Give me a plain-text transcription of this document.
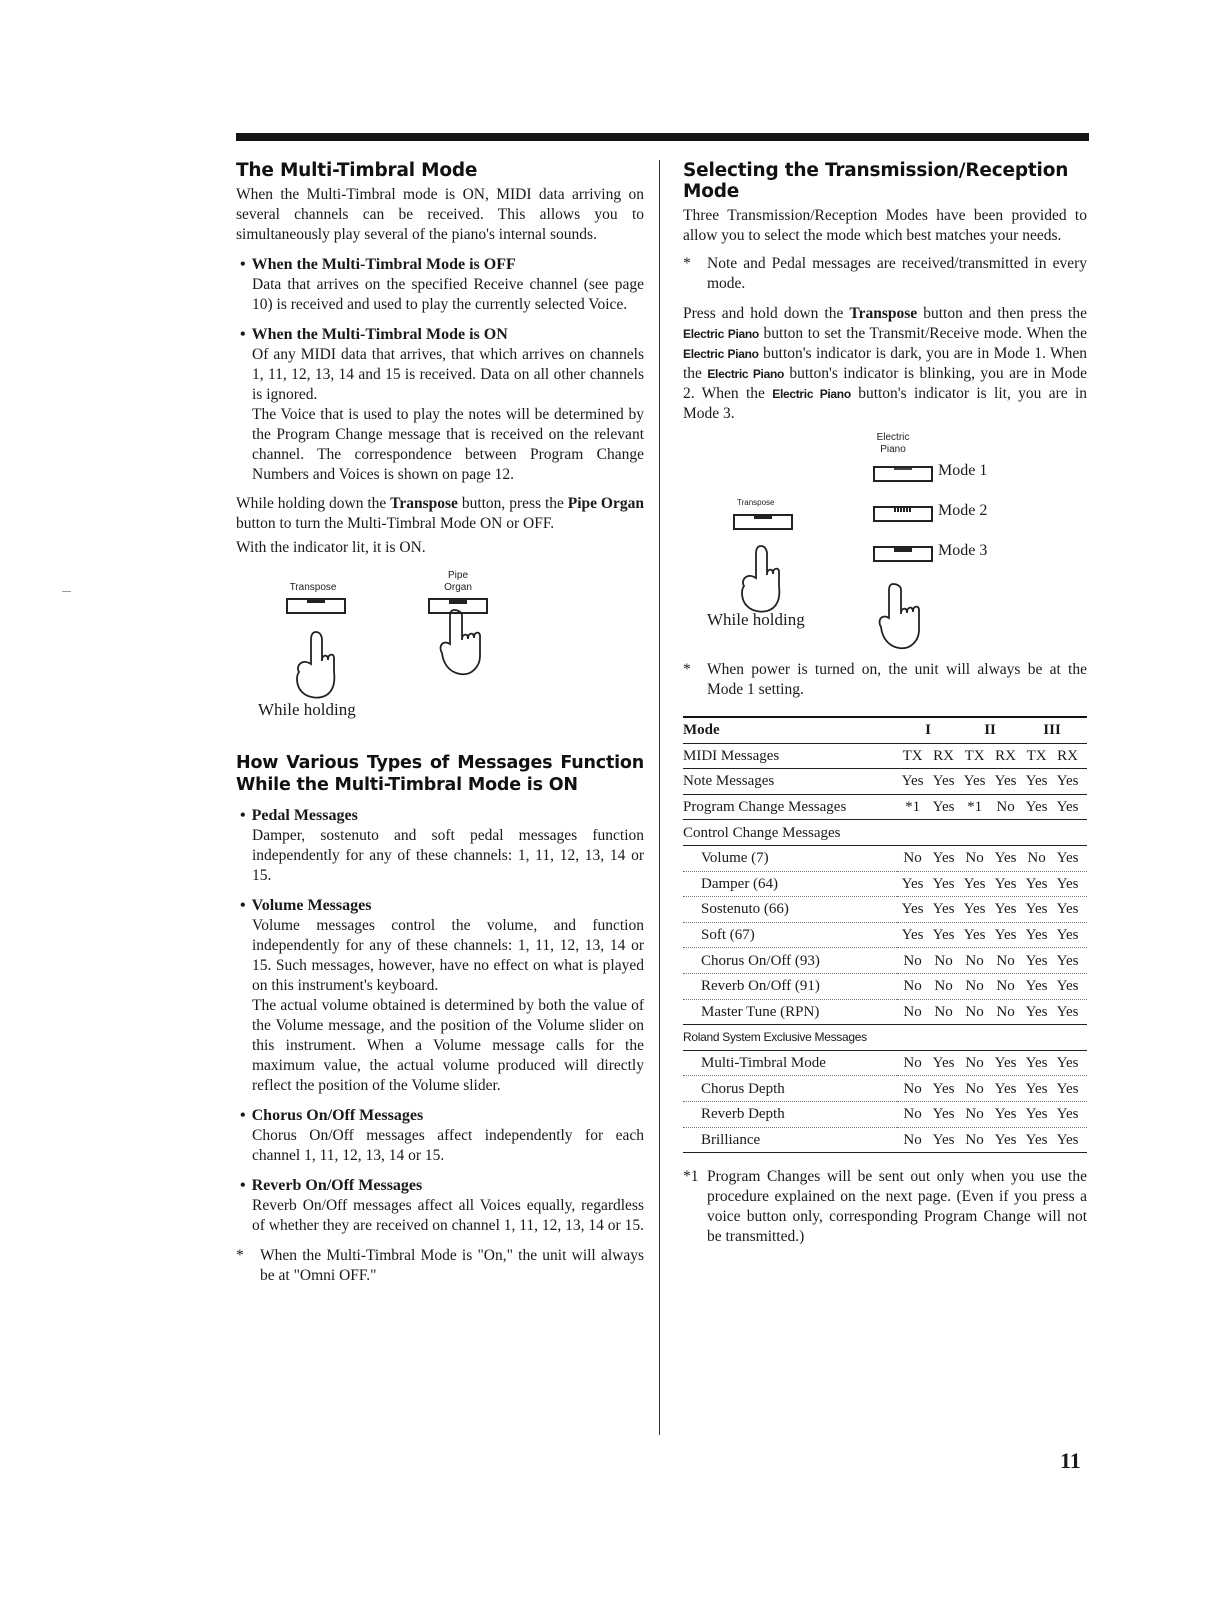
The Multi-Timbral Mode

When the Multi-Timbral mode is ON, MIDI data arriving on several channels can be received. This allows you to simultaneously play several of the piano's internal sounds.

• When the Multi-Timbral Mode is OFF

Data that arrives on the specified Receive channel (see page 10) is received and used to play the currently selected Voice.

• When the Multi-Timbral Mode is ON

Of any MIDI data that arrives, that which arrives on channels 1, 11, 12, 13, 14 and 15 is received. Data on all other channels is ignored.

The Voice that is used to play the notes will be determined by the Program Change message that is received on the relevant channel. The correspondence between Program Change Numbers and Voices is shown on page 12.

While holding down the Transpose button, press the Pipe Organ button to turn the Multi-Timbral Mode ON or OFF.

With the indicator lit, it is ON.

Transpose
Pipe
Organ
While holding
How Various Types of Messages Function While the Multi-Timbral Mode is ON
• Pedal Messages

Damper, sostenuto and soft pedal messages function independently for any of these channels: 1, 11, 12, 13, 14 or 15.

• Volume Messages

Volume messages control the volume, and function independently for any of these channels: 1, 11, 12, 13, 14 or 15. Such messages, however, have no effect on what is played on this instrument's keyboard.

The actual volume obtained is determined by both the value of the Volume message, and the position of the Volume slider on this instrument. When a Volume message calls for the maximum value, the actual volume produced will directly reflect the position of the Volume slider.

• Chorus On/Off Messages

Chorus On/Off messages affect independently for each channel 1, 11, 12, 13, 14 or 15.

• Reverb On/Off Messages

Reverb On/Off messages affect all Voices equally, regardless of whether they are received on channel 1, 11, 12, 13, 14 or 15.

*	When the Multi-Timbral Mode is "On," the unit will always be at "Omni OFF."
Selecting the Transmission/Reception Mode

Three Transmission/Reception Modes have been provided to allow you to select the mode which best matches your needs.

*	Note and Pedal messages are received/transmitted in every mode.

Press and hold down the Transpose button and then press the Electric Piano button to set the Transmit/Receive mode. When the Electric Piano button's indicator is dark, you are in Mode 1. When the Electric Piano button's indicator is blinking, you are in Mode 2. When the Electric Piano button's indicator is lit, you are in Mode 3.

Electric
Piano
Mode 1
Transpose	Mode 2
Mode 3
While holding
*	When power is turned on, the unit will always be at the Mode 1 setting.
Mode	I II III
MIDI Messages	TX RX TX RX TX RX
Note Messages	Yes Yes Yes Yes Yes Yes
Program Change Messages	*1 Yes *1 No Yes Yes
Control Change Messages	
Volume (7)	No Yes No Yes No Yes
Damper (64)	Yes Yes Yes Yes Yes Yes
Sostenuto (66)	Yes Yes Yes Yes Yes Yes
Soft (67)	Yes Yes Yes Yes Yes Yes
Chorus On/Off (93)	No No No No Yes Yes
Reverb On/Off (91)	No No No No Yes Yes
Master Tune (RPN)	No No No No Yes Yes
Roland System Exclusive Messages	
Multi-Timbral Mode	No Yes No Yes Yes Yes
Chorus Depth	No Yes No Yes Yes Yes
Reverb Depth	No Yes No Yes Yes Yes
Brilliance	No Yes No Yes Yes Yes
*1 Program Changes will be sent out only when you use the procedure explained on the next page. (Even if you press a voice button only, corresponding Program Change will not be transmitted.)
11
